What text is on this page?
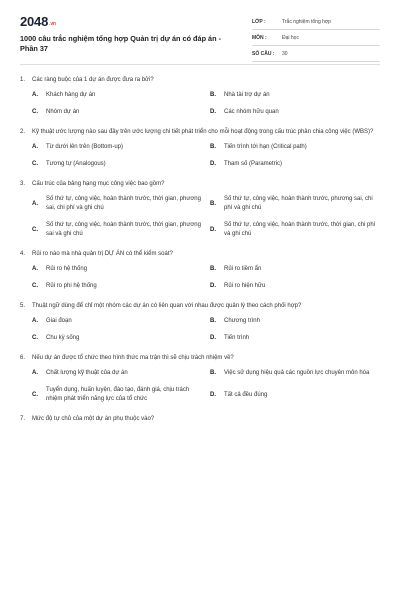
2048.vn
1000 câu trắc nghiệm tổng hợp Quản trị dự án có đáp án - Phần 37
LỚP :	Trắc nghiệm tổng hợp
MÔN :	Đại học
SỐ CÂU :	30
1.	Các ràng buộc của 1 dự án được đưa ra bởi?
A.	Khách hàng dự án	B.	Nhà tài trợ dự án
C.	Nhóm dự án	D.	Các nhóm hữu quan
2.	Kỹ thuật ước lượng nào sau đây trên ước lượng chi tiết phát triển cho mỗi hoạt động trong cấu trúc phân chia công việc (WBS)?
A.	Từ dưới lên trên (Bottom-up)	B.	Tiến trình tới hạn (Critical path)
C.	Tương tự (Analogous)	D.	Tham số (Parametric)
3.	Cấu trúc của bảng hạng mục công việc bao gồm?
A.
Số thứ tự, công việc, hoàn thành trước, thời gian, phương sai, chi phí và ghi chú
B.
Số thứ tự, công việc, hoàn thành trước, phương sai, chi phí và ghi chú
C.
Số thứ tự, công việc, hoàn thành trước, thời gian, phương sai và ghi chú
D.
Số thứ tự, công việc, hoàn thành trước, thời gian, chi phí và ghi chú
4.	Rủi ro nào mà nhà quản trị DỰ ÁN có thể kiểm soát?
A.	Rủi ro hệ thống	B.	Rủi ro tiềm ẩn
C.	Rủi ro phi hệ thống	D.	Rủi ro hiện hữu
5.	Thuật ngữ dùng để chỉ một nhóm các dự án có liên quan với nhau được quản lý theo cách phối hợp?
A.	Giai đoạn	B.	Chương trình
C.	Chu kỳ sống	D.	Tiến trình
6.	Nếu dự án được tổ chức theo hình thức ma trận thì sẽ chịu trách nhiệm về?
A.	Chất lượng kỹ thuật của dự án	B.	Việc sử dụng hiệu quả các nguồn lực chuyên môn hóa
C.
Tuyển dụng, huấn luyện, đào tạo, đánh giá, chịu trách nhiệm phát triển năng lực của tổ chức
D.	Tất cả đều đúng
7.	Mức độ tự chủ của một dự án phụ thuộc vào?
